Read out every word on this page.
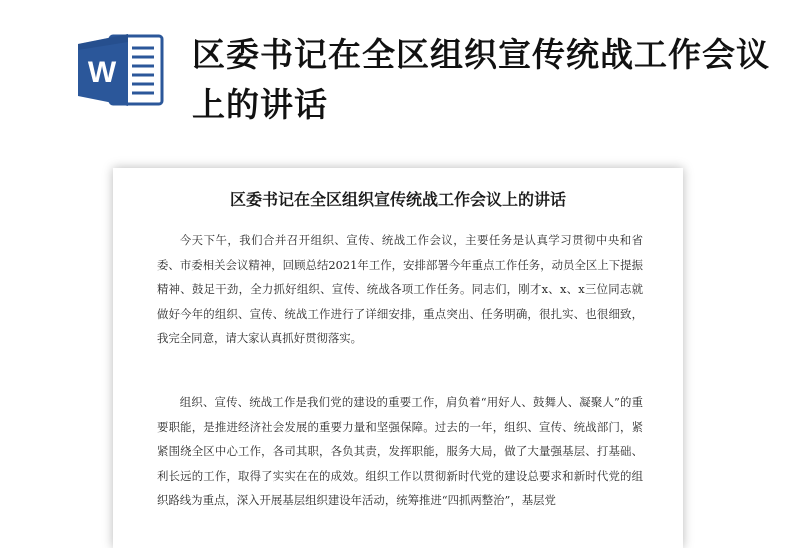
W 区委书记在全区组织宣传统战工作会议上的讲话
区委书记在全区组织宣传统战工作会议上的讲话

今天下午，我们合并召开组织、宣传、统战工作会议，主要任务是认真学习贯彻中央和省委、市委相关会议精神，回顾总结2021年工作，安排部署今年重点工作任务，动员全区上下提振精神、鼓足干劲，全力抓好组织、宣传、统战各项工作任务。同志们，刚才x、x、x三位同志就做好今年的组织、宣传、统战工作进行了详细安排，重点突出、任务明确，很扎实、也很细致，我完全同意，请大家认真抓好贯彻落实。

组织、宣传、统战工作是我们党的建设的重要工作，肩负着“用好人、鼓舞人、凝聚人”的重要职能，是推进经济社会发展的重要力量和坚强保障。过去的一年，组织、宣传、统战部门，紧紧围绕全区中心工作，各司其职，各负其责，发挥职能，服务大局，做了大量强基层、打基础、利长远的工作，取得了实实在在的成效。组织工作以贯彻新时代党的建设总要求和新时代党的组织路线为重点，深入开展基层组织建设年活动，统筹推进“四抓两整治”，基层党
